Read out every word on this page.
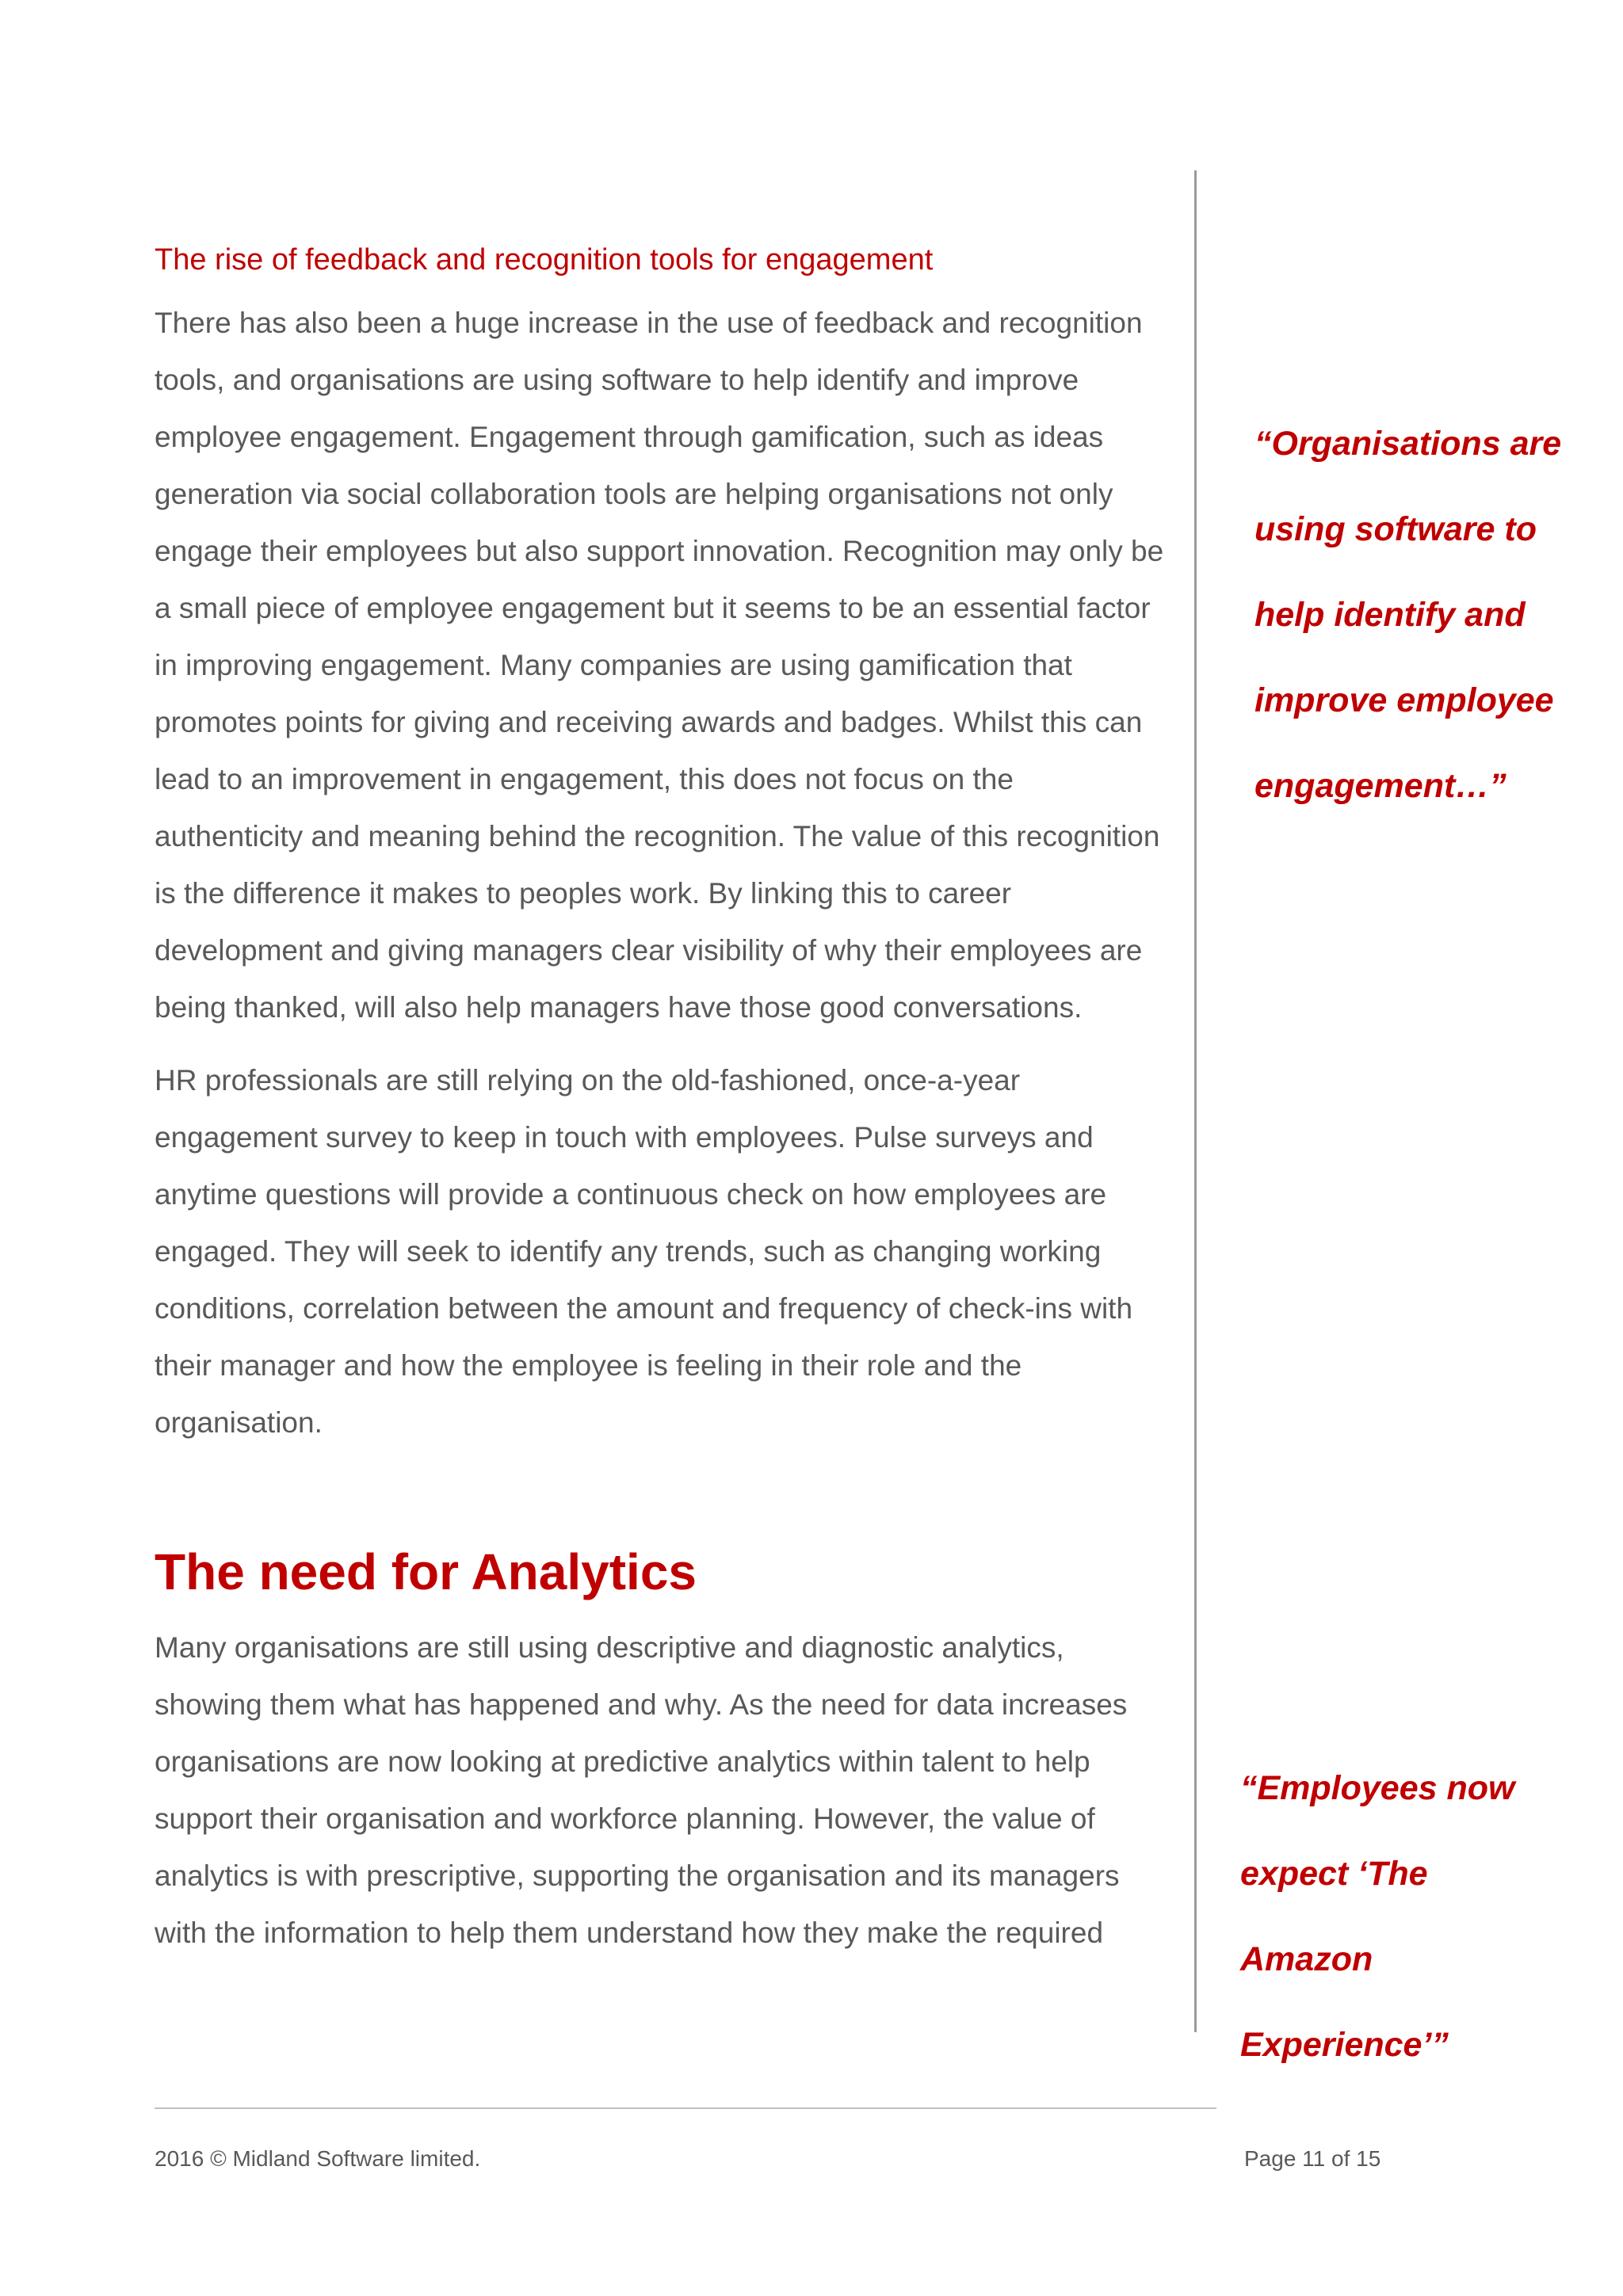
The rise of feedback and recognition tools for engagement

There has also been a huge increase in the use of feedback and recognition tools, and organisations are using software to help identify and improve employee engagement. Engagement through gamification, such as ideas generation via social collaboration tools are helping organisations not only engage their employees but also support innovation. Recognition may only be a small piece of employee engagement but it seems to be an essential factor in improving engagement. Many companies are using gamification that promotes points for giving and receiving awards and badges. Whilst this can lead to an improvement in engagement, this does not focus on the authenticity and meaning behind the recognition. The value of this recognition is the difference it makes to peoples work. By linking this to career development and giving managers clear visibility of why their employees are being thanked, will also help managers have those good conversations.

HR professionals are still relying on the old-fashioned, once-a-year engagement survey to keep in touch with employees. Pulse surveys and anytime questions will provide a continuous check on how employees are engaged. They will seek to identify any trends, such as changing working conditions, correlation between the amount and frequency of check-ins with their manager and how the employee is feeling in their role and the organisation.

The need for Analytics

Many organisations are still using descriptive and diagnostic analytics, showing them what has happened and why. As the need for data increases organisations are now looking at predictive analytics within talent to help support their organisation and workforce planning. However, the value of analytics is with prescriptive, supporting the organisation and its managers with the information to help them understand how they make the required

“Organisations are using software to help identify and improve employee engagement…”
“Employees now expect ‘The Amazon Experience’”
2016 © Midland Software limited.	Page 11 of 15
